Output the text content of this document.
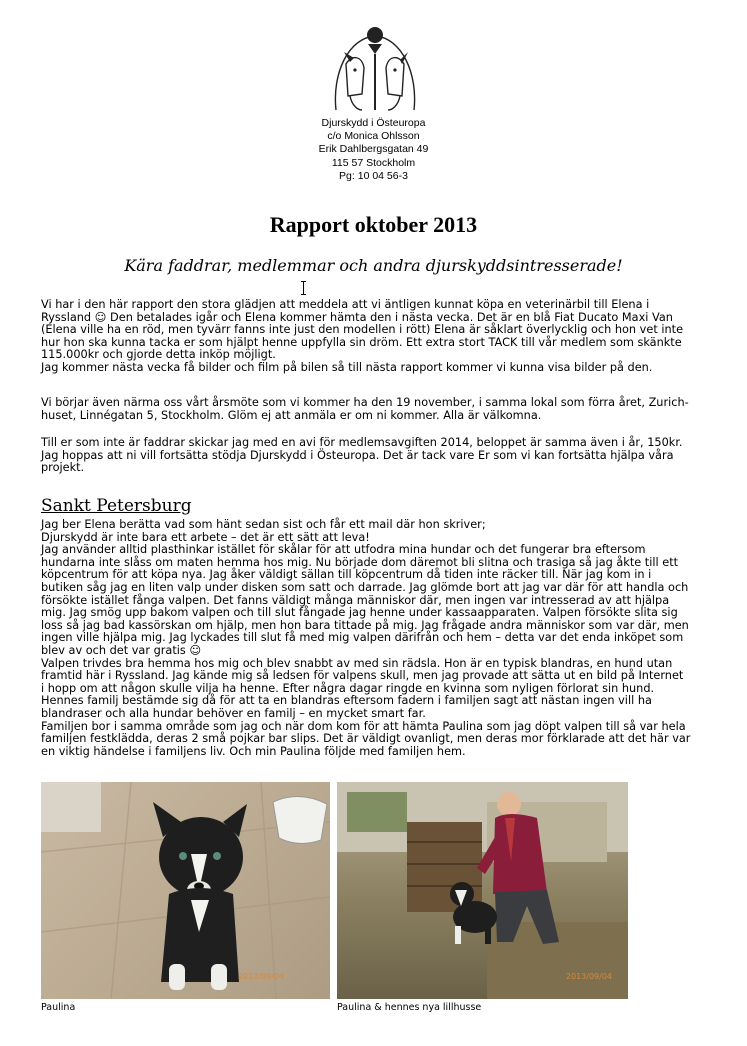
Djurskydd i Östeuropa
c/o Monica Ohlsson
Erik Dahlbergsgatan 49
115 57 Stockholm
Pg: 10 04 56-3
Rapport oktober 2013
Kära faddrar, medlemmar och andra djurskyddsintresserade!
Vi har i den här rapport den stora glädjen att meddela att vi äntligen kunnat köpa en veterinärbil till Elena i
Ryssland ☺ Den betalades igår och Elena kommer hämta den i nästa vecka. Det är en blå Fiat Ducato Maxi Van
(Elena ville ha en röd, men tyvärr fanns inte just den modellen i rött) Elena är såklart överlycklig och hon vet inte
hur hon ska kunna tacka er som hjälpt henne uppfylla sin dröm. Ett extra stort TACK till vår medlem som skänkte
115.000kr och gjorde detta inköp möjligt.
Jag kommer nästa vecka få bilder och film på bilen så till nästa rapport kommer vi kunna visa bilder på den.
Vi börjar även närma oss vårt årsmöte som vi kommer ha den 19 november, i samma lokal som förra året, Zurich-
huset, Linnégatan 5, Stockholm. Glöm ej att anmäla er om ni kommer. Alla är välkomna.
Till er som inte är faddrar skickar jag med en avi för medlemsavgiften 2014, beloppet är samma även i år, 150kr.
Jag hoppas att ni vill fortsätta stödja Djurskydd i Östeuropa. Det är tack vare Er som vi kan fortsätta hjälpa våra
projekt.
Sankt Petersburg
Jag ber Elena berätta vad som hänt sedan sist och får ett mail där hon skriver;
Djurskydd är inte bara ett arbete – det är ett sätt att leva!
Jag använder alltid plasthinkar istället för skålar för att utfodra mina hundar och det fungerar bra eftersom
hundarna inte slåss om maten hemma hos mig. Nu började dom däremot bli slitna och trasiga så jag åkte till ett
köpcentrum för att köpa nya. Jag åker väldigt sällan till köpcentrum då tiden inte räcker till. När jag kom in i
butiken såg jag en liten valp under disken som satt och darrade. Jag glömde bort att jag var där för att handla och
försökte istället fånga valpen. Det fanns väldigt många människor där, men ingen var intresserad av att hjälpa
mig. Jag smög upp bakom valpen och till slut fångade jag henne under kassaapparaten. Valpen försökte slita sig
loss så jag bad kassörskan om hjälp, men hon bara tittade på mig. Jag frågade andra människor som var där, men
ingen ville hjälpa mig. Jag lyckades till slut få med mig valpen därifrån och hem – detta var det enda inköpet som
blev av och det var gratis ☺
Valpen trivdes bra hemma hos mig och blev snabbt av med sin rädsla. Hon är en typisk blandras, en hund utan
framtid här i Ryssland. Jag kände mig så ledsen för valpens skull, men jag provade att sätta ut en bild på Internet
i hopp om att någon skulle vilja ha henne. Efter några dagar ringde en kvinna som nyligen förlorat sin hund.
Hennes familj bestämde sig då för att ta en blandras eftersom fadern i familjen sagt att nästan ingen vill ha
blandraser och alla hundar behöver en familj – en mycket smart far.
Familjen bor i samma område som jag och när dom kom för att hämta Paulina som jag döpt valpen till så var hela
familjen festklädda, deras 2 små pojkar bar slips. Det är väldigt ovanligt, men deras mor förklarade att det här var
en viktig händelse i familjens liv. Och min Paulina följde med familjen hem.
2013/09/04
Paulina
2013/09/04
Paulina & hennes nya lillhusse
